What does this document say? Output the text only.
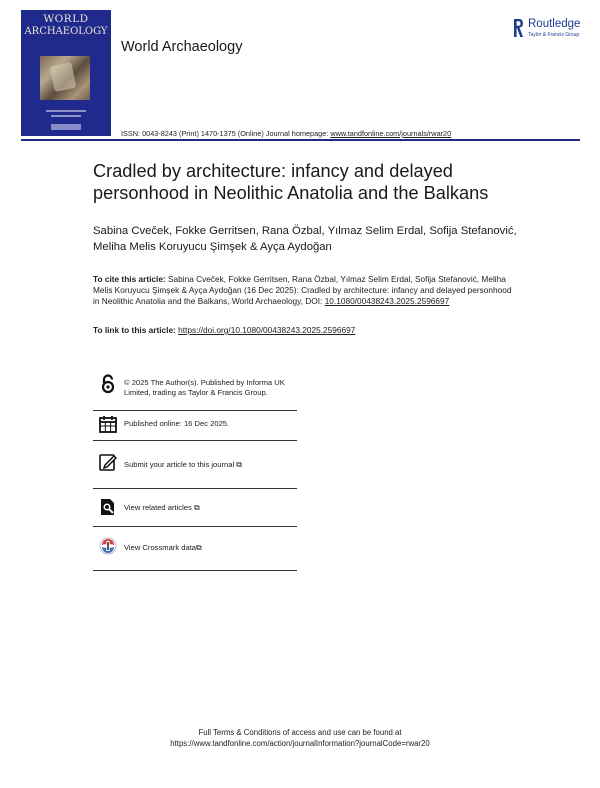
WORLD
ARCHAEOLOGY
World Archaeology
Routledge
Taylor & Francis Group
ISSN: 0043-8243 (Print) 1470-1375 (Online) Journal homepage: www.tandfonline.com/journals/rwar20
Cradled by architecture: infancy and delayed personhood in Neolithic Anatolia and the Balkans
Sabina Cveček, Fokke Gerritsen, Rana Özbal, Yılmaz Selim Erdal, Sofija Stefanović, Meliha Melis Koruyucu Şimşek & Ayça Aydoğan
To cite this article: Sabina Cveček, Fokke Gerritsen, Rana Özbal, Yılmaz Selim Erdal, Sofija Stefanović, Meliha Melis Koruyucu Şimşek & Ayça Aydoğan (16 Dec 2025): Cradled by architecture: infancy and delayed personhood in Neolithic Anatolia and the Balkans, World Archaeology, DOI: 10.1080/00438243.2025.2596697
To link to this article: https://doi.org/10.1080/00438243.2025.2596697
© 2025 The Author(s). Published by Informa UK Limited, trading as Taylor & Francis Group.
Published online: 16 Dec 2025.
Submit your article to this journal ⧉
View related articles ⧉
View Crossmark data⧉
Full Terms & Conditions of access and use can be found at
https://www.tandfonline.com/action/journalInformation?journalCode=rwar20
